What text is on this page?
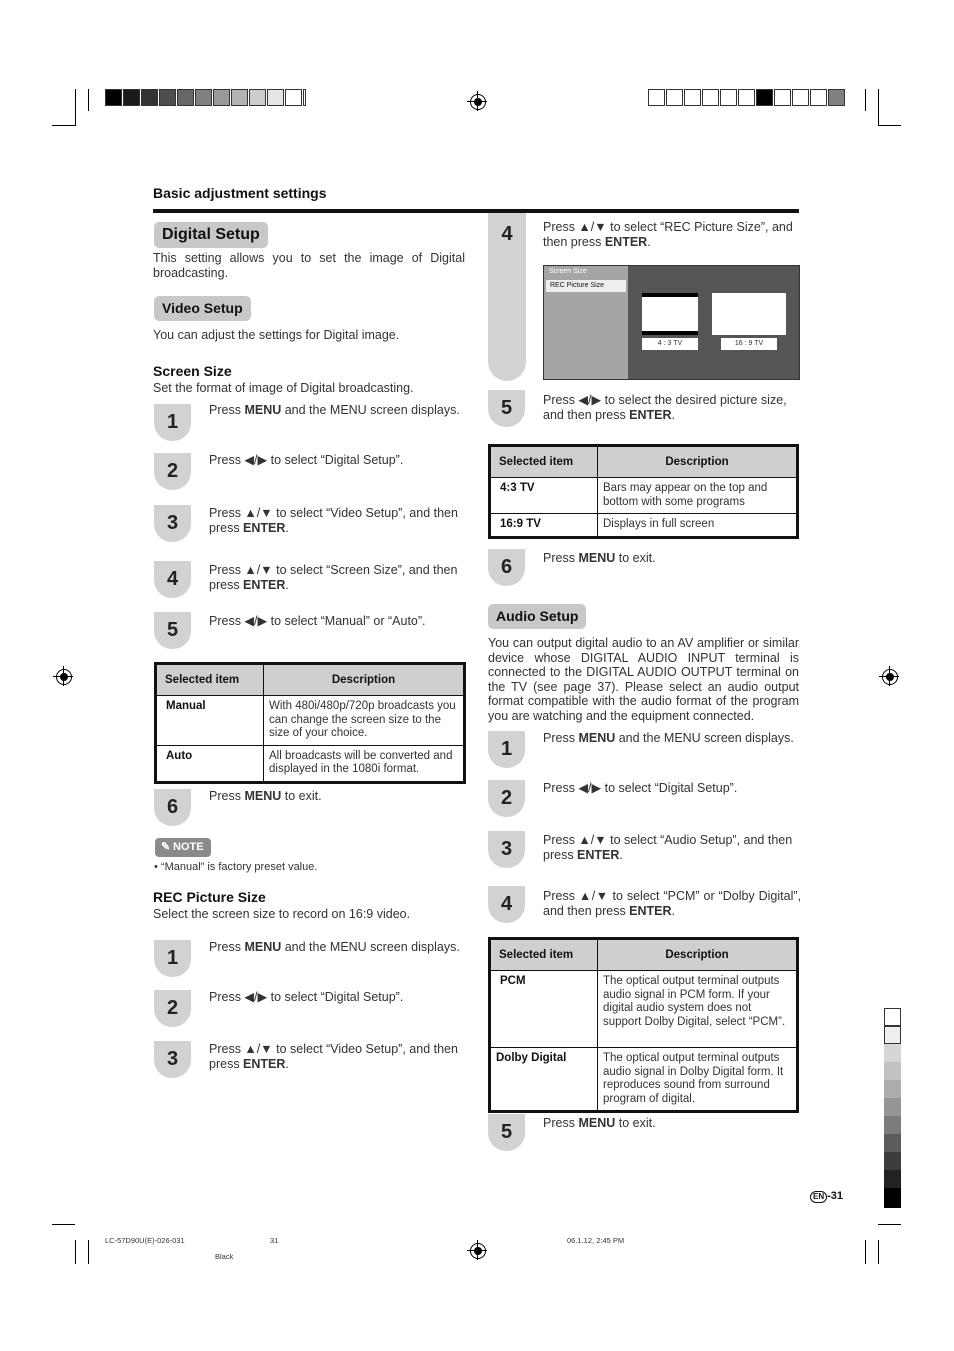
Basic adjustment settings
Digital Setup
This setting allows you to set the image of Digital broadcasting.
Video Setup
You can adjust the settings for Digital image.
Screen Size
Set the format of image of Digital broadcasting.
1
Press MENU and the MENU screen displays.
2	Press ◀/▶ to select “Digital Setup”.
3	Press ▲/▼ to select “Video Setup”, and then press ENTER.
4	Press ▲/▼ to select “Screen Size”, and then press ENTER.
5	Press ◀/▶ to select “Manual” or “Auto”.
Selected item	Description
Manual	With 480i/480p/720p broadcasts you can change the screen size to the size of your choice.
Auto	All broadcasts will be converted and displayed in the 1080i format.
6	Press MENU to exit.
✎ NOTE
• “Manual” is factory preset value.
REC Picture Size
Select the screen size to record on 16:9 video.
1	Press MENU and the MENU screen displays.
2	Press ◀/▶ to select “Digital Setup”.
3	Press ▲/▼ to select “Video Setup”, and then press ENTER.
4	Press ▲/▼ to select “REC Picture Size”, and then press ENTER.
Screen Size
REC Picture Size
4 : 3 TV	16 : 9 TV
5	Press ◀/▶ to select the desired picture size, and then press ENTER.
Selected item	Description
4:3 TV	Bars may appear on the top and bottom with some programs
16:9 TV	Displays in full screen
6	Press MENU to exit.
Audio Setup
You can output digital audio to an AV amplifier or similar device whose DIGITAL AUDIO INPUT terminal is connected to the DIGITAL AUDIO OUTPUT terminal on the TV (see page 37). Please select an audio output format compatible with the audio format of the program you are watching and the equipment connected.
1	Press MENU and the MENU screen displays.
2	Press ◀/▶ to select “Digital Setup”.
3	Press ▲/▼ to select “Audio Setup”, and then press ENTER.
4	Press ▲/▼ to select “PCM” or “Dolby Digital”, and then press ENTER.
Selected item	Description
PCM	The optical output terminal outputs audio signal in PCM form. If your digital audio system does not support Dolby Digital, select “PCM”.
Dolby Digital	The optical output terminal outputs audio signal in Dolby Digital form. It reproduces sound from surround program of digital.
5	Press MENU to exit.
EN -31
LC-57D90U(E)-026-031	31	06.1.12, 2:45 PM
Black
